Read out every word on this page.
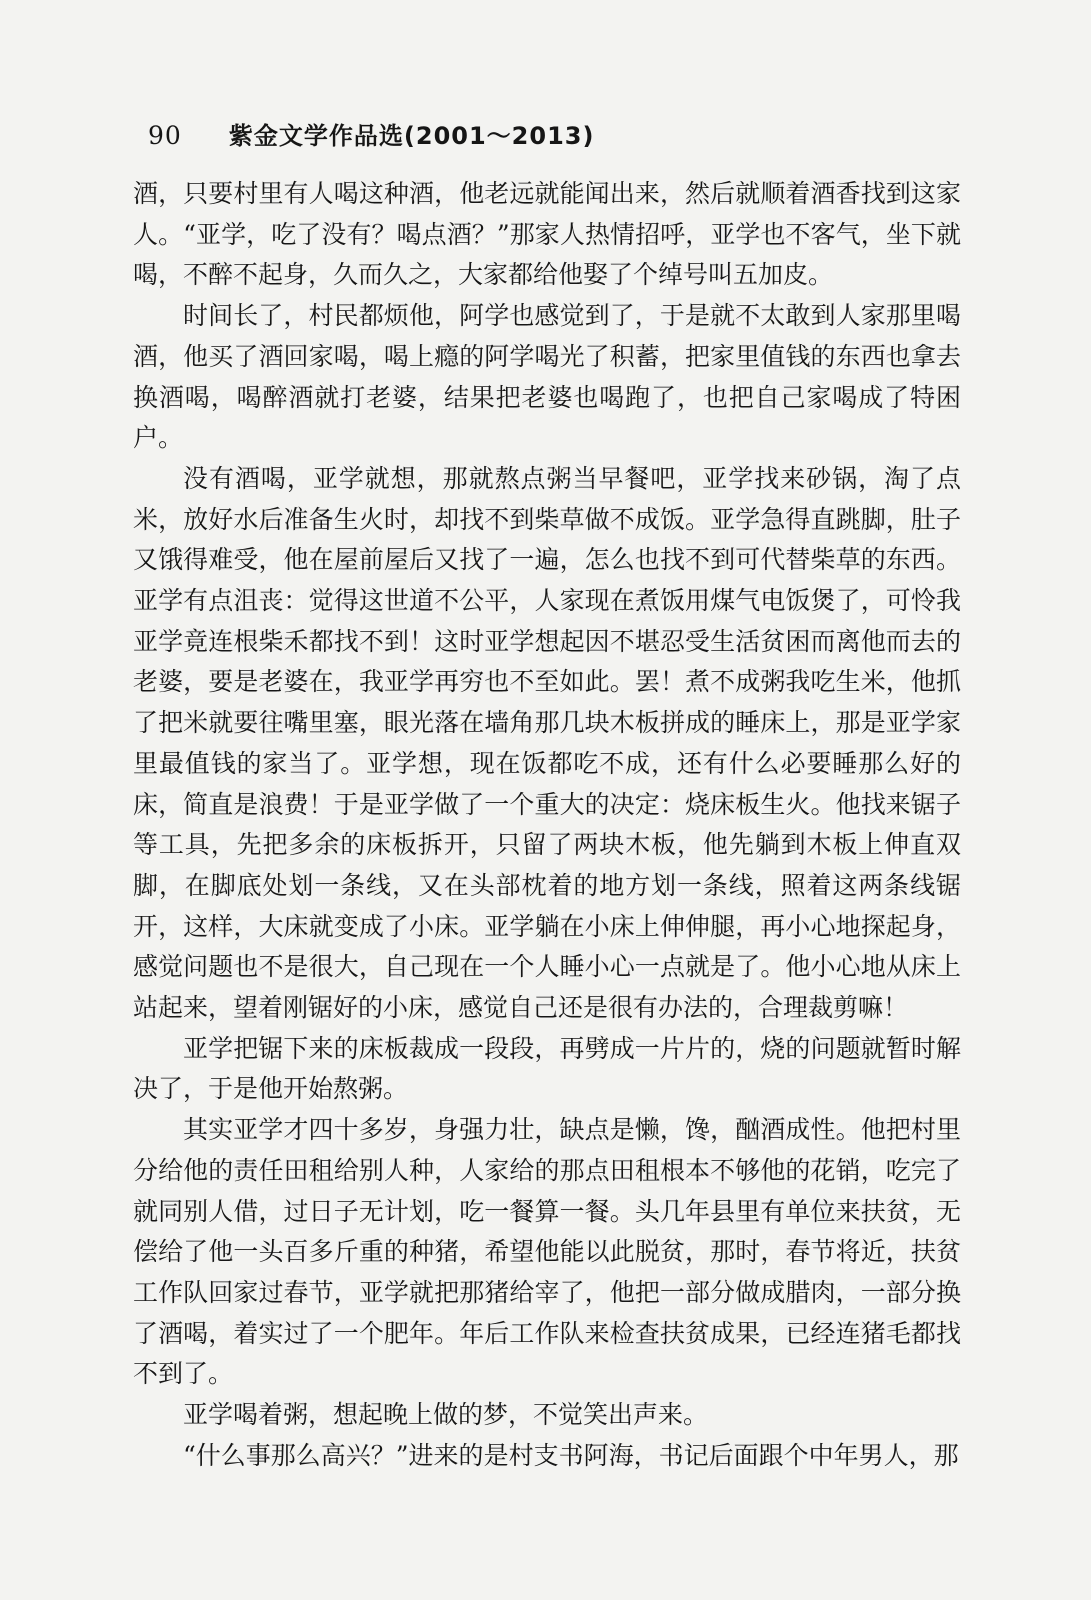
90 紫金文学作品选(2001～2013)

酒，只要村里有人喝这种酒，他老远就能闻出来，然后就顺着酒香找到这家人。“亚学，吃了没有？喝点酒？”那家人热情招呼，亚学也不客气，坐下就喝，不醉不起身，久而久之，大家都给他娶了个绰号叫五加皮。

时间长了，村民都烦他，阿学也感觉到了，于是就不太敢到人家那里喝酒，他买了酒回家喝，喝上瘾的阿学喝光了积蓄，把家里值钱的东西也拿去换酒喝，喝醉酒就打老婆，结果把老婆也喝跑了，也把自己家喝成了特困户。

没有酒喝，亚学就想，那就熬点粥当早餐吧，亚学找来砂锅，淘了点米，放好水后准备生火时，却找不到柴草做不成饭。亚学急得直跳脚，肚子又饿得难受，他在屋前屋后又找了一遍，怎么也找不到可代替柴草的东西。亚学有点沮丧：觉得这世道不公平，人家现在煮饭用煤气电饭煲了，可怜我亚学竟连根柴禾都找不到！这时亚学想起因不堪忍受生活贫困而离他而去的老婆，要是老婆在，我亚学再穷也不至如此。罢！煮不成粥我吃生米，他抓了把米就要往嘴里塞，眼光落在墙角那几块木板拼成的睡床上，那是亚学家里最值钱的家当了。亚学想，现在饭都吃不成，还有什么必要睡那么好的床，简直是浪费！于是亚学做了一个重大的决定：烧床板生火。他找来锯子等工具，先把多余的床板拆开，只留了两块木板，他先躺到木板上伸直双脚，在脚底处划一条线，又在头部枕着的地方划一条线，照着这两条线锯开，这样，大床就变成了小床。亚学躺在小床上伸伸腿，再小心地探起身，感觉问题也不是很大，自己现在一个人睡小心一点就是了。他小心地从床上站起来，望着刚锯好的小床，感觉自己还是很有办法的，合理裁剪嘛！

亚学把锯下来的床板裁成一段段，再劈成一片片的，烧的问题就暂时解决了，于是他开始熬粥。

其实亚学才四十多岁，身强力壮，缺点是懒，馋，酗酒成性。他把村里分给他的责任田租给别人种，人家给的那点田租根本不够他的花销，吃完了就同别人借，过日子无计划，吃一餐算一餐。头几年县里有单位来扶贫，无偿给了他一头百多斤重的种猪，希望他能以此脱贫，那时，春节将近，扶贫工作队回家过春节，亚学就把那猪给宰了，他把一部分做成腊肉，一部分换了酒喝，着实过了一个肥年。年后工作队来检查扶贫成果，已经连猪毛都找不到了。

亚学喝着粥，想起晚上做的梦，不觉笑出声来。

“什么事那么高兴？”进来的是村支书阿海，书记后面跟个中年男人，那
